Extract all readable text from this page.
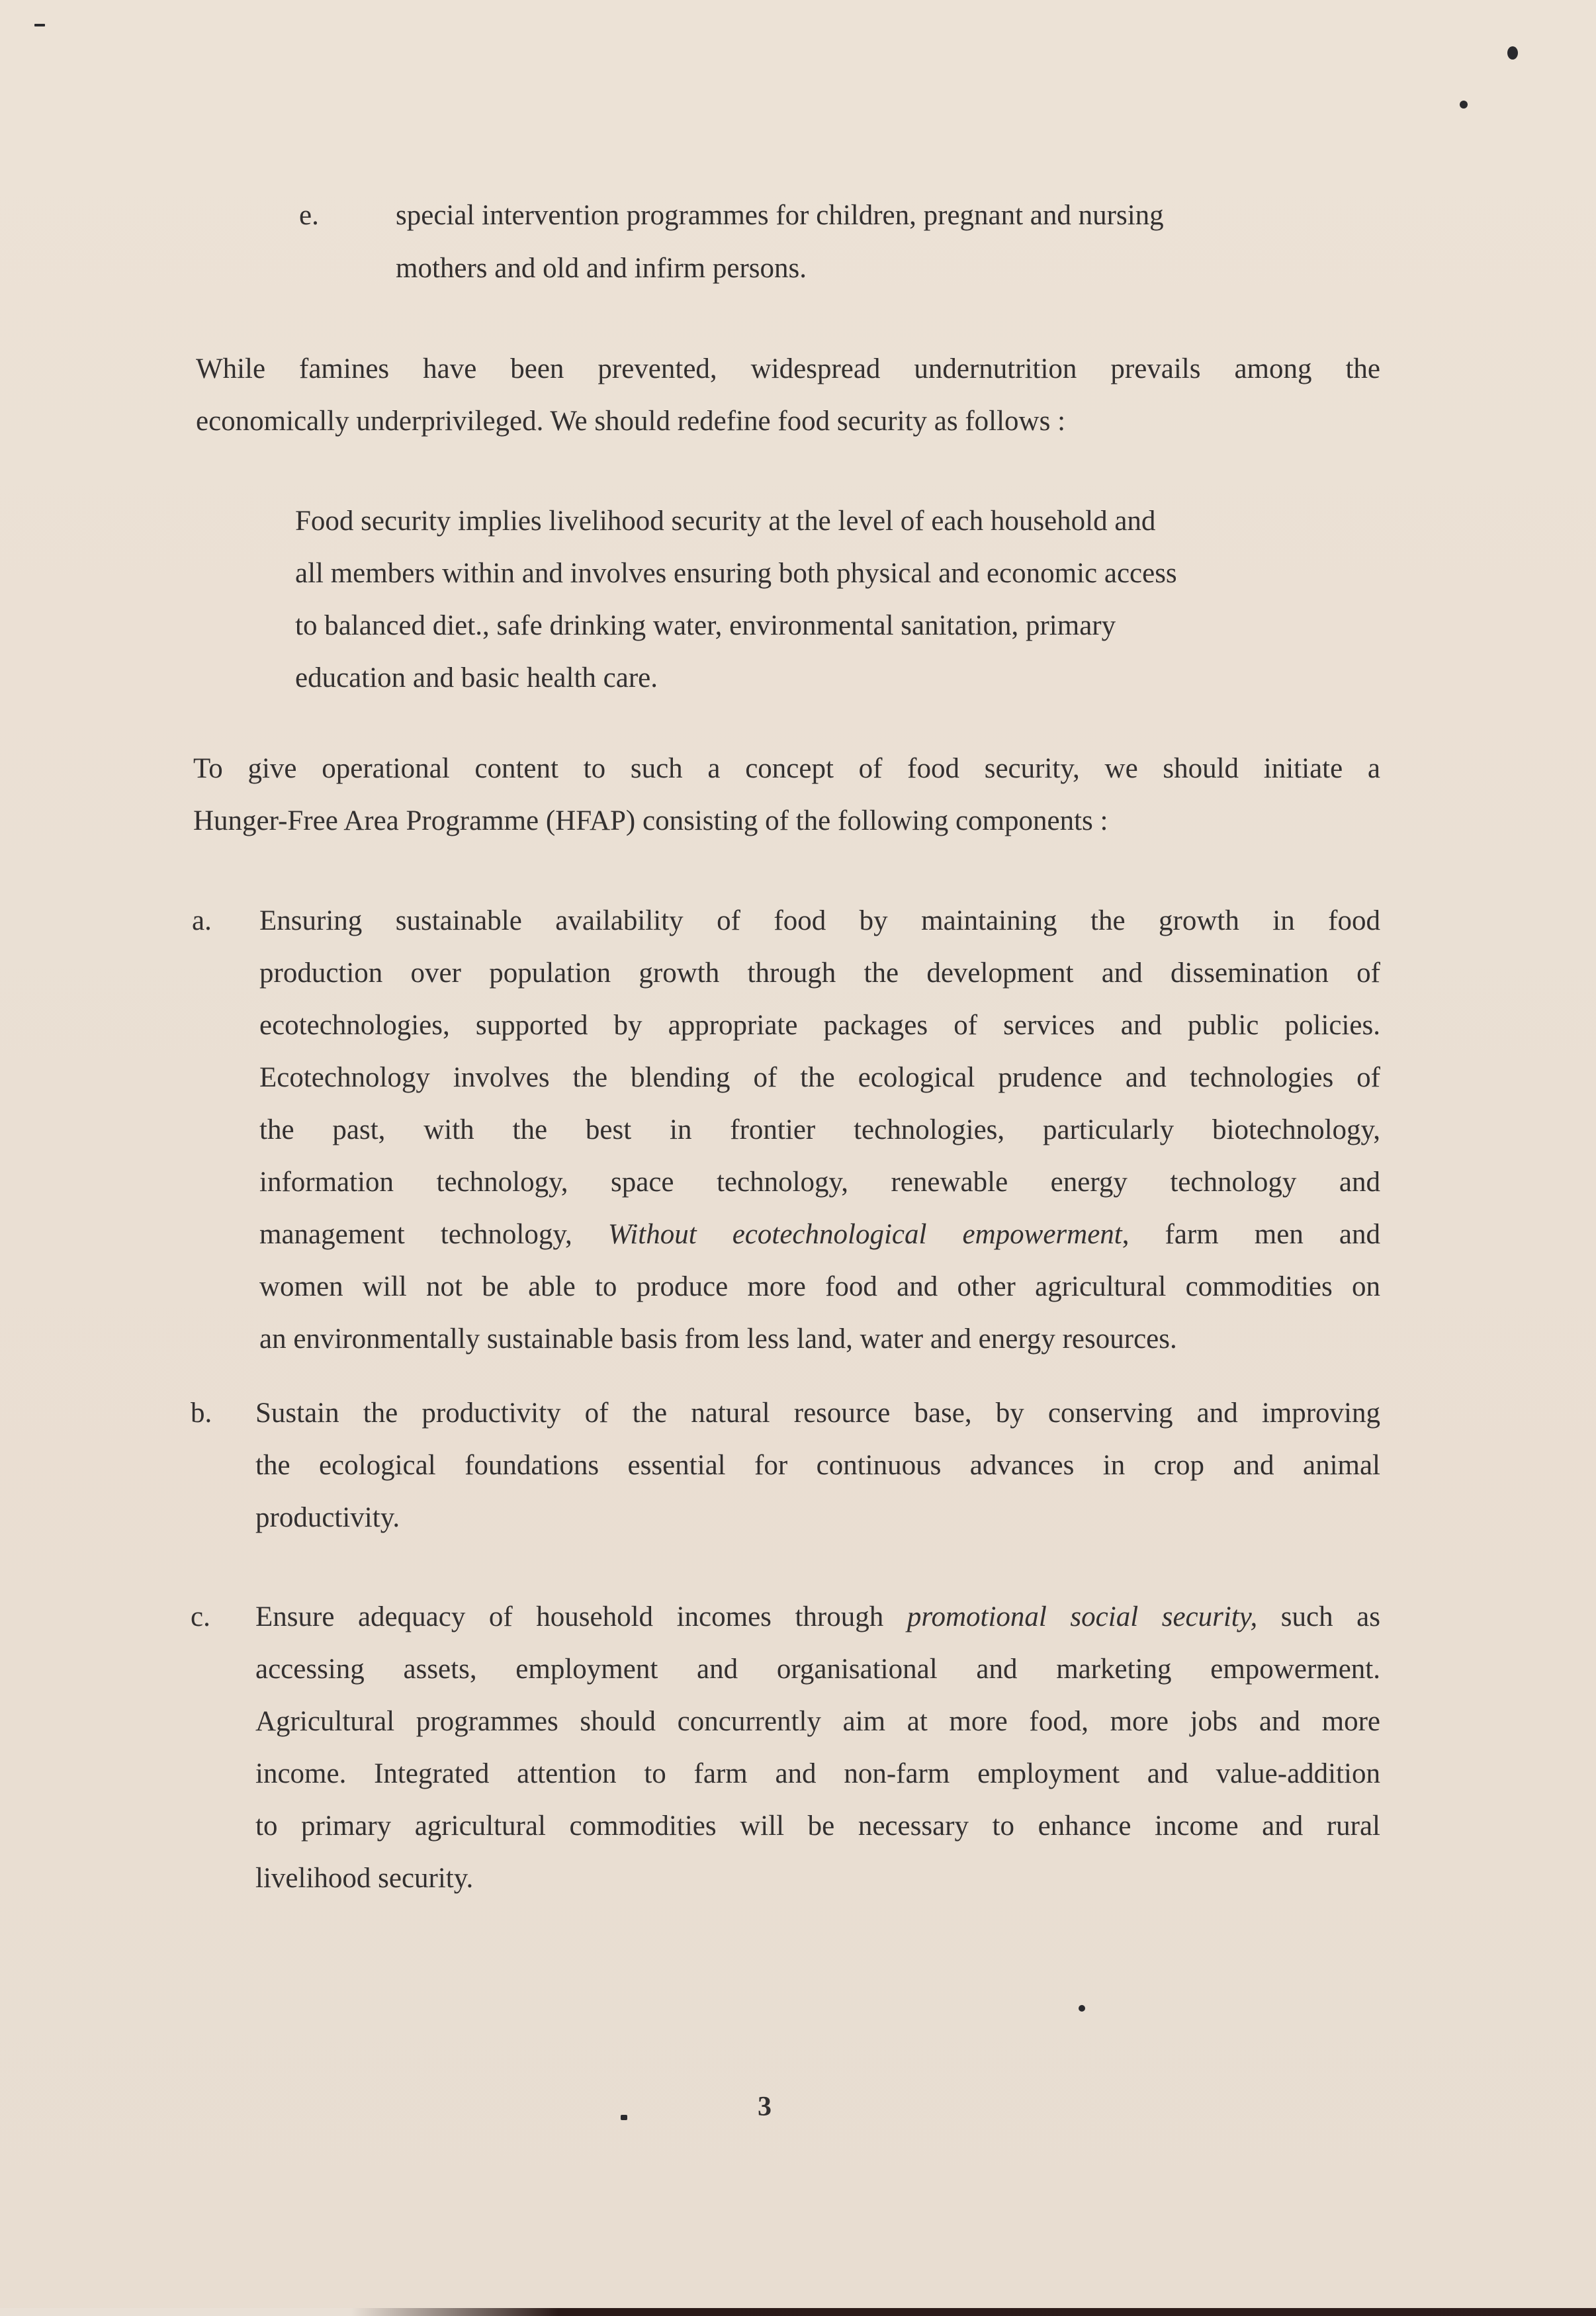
e.	special intervention programmes for children, pregnant and nursing
mothers and old and infirm persons.
While famines have been prevented, widespread undernutrition prevails among the
economically underprivileged. We should redefine food security as follows :
Food security implies livelihood security at the level of each household and
all members within and involves ensuring both physical and economic access
to balanced diet., safe drinking water, environmental sanitation, primary
education and basic health care.
To give operational content to such a concept of food security, we should initiate a
Hunger-Free Area Programme (HFAP) consisting of the following components :
a. Ensuring sustainable availability of food by maintaining the growth in food
production over population growth through the development and dissemination of
ecotechnologies, supported by appropriate packages of services and public policies.
Ecotechnology involves the blending of the ecological prudence and technologies of
the past, with the best in frontier technologies, particularly biotechnology,
information technology, space technology, renewable energy technology and
management technology, Without ecotechnological empowerment, farm men and
women will not be able to produce more food and other agricultural commodities on
an environmentally sustainable basis from less land, water and energy resources.
b. Sustain the productivity of the natural resource base, by conserving and improving
the ecological foundations essential for continuous advances in crop and animal
productivity.
c. Ensure adequacy of household incomes through promotional social security, such as
accessing assets, employment and organisational and marketing empowerment.
Agricultural programmes should concurrently aim at more food, more jobs and more
income. Integrated attention to farm and non-farm employment and value-addition
to primary agricultural commodities will be necessary to enhance income and rural
livelihood security.
3
